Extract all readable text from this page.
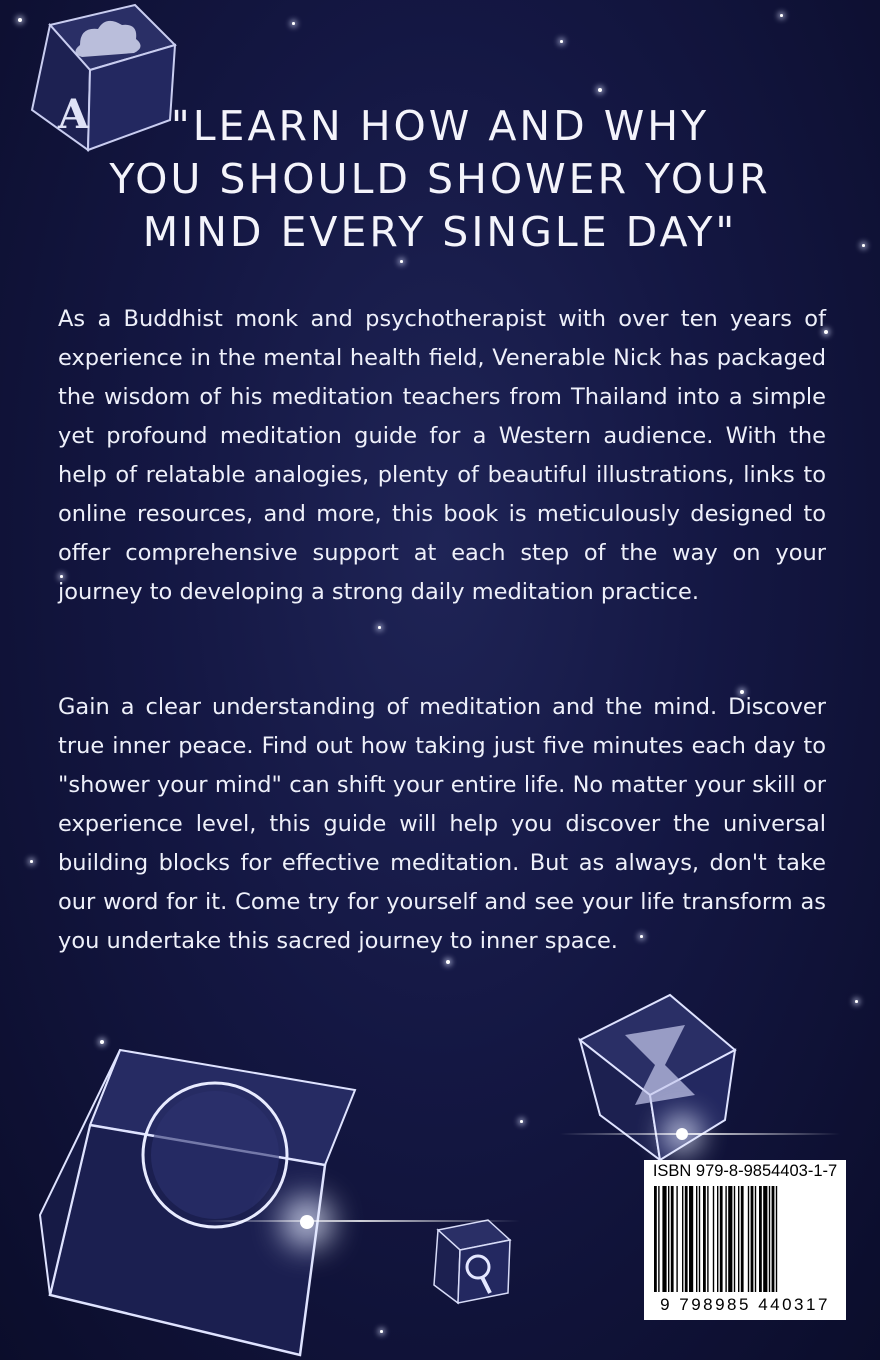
A	"LEARN HOW AND WHY
YOU SHOULD SHOWER YOUR
MIND EVERY SINGLE DAY"

As a Buddhist monk and psychotherapist with over ten years of experience in the mental health field, Venerable Nick has packaged the wisdom of his meditation teachers from Thailand into a simple yet profound meditation guide for a Western audience. With the help of relatable analogies, plenty of beautiful illustrations, links to online resources, and more, this book is meticulously designed to offer comprehensive support at each step of the way on your journey to developing a strong daily meditation practice.

Gain a clear understanding of meditation and the mind. Discover true inner peace. Find out how taking just five minutes each day to "shower your mind" can shift your entire life. No matter your skill or experience level, this guide will help you discover the universal building blocks for effective meditation. But as always, don't take our word for it. Come try for yourself and see your life transform as you undertake this sacred journey to inner space.

ISBN 979-8-9854403-1-7
9 798985 440317
